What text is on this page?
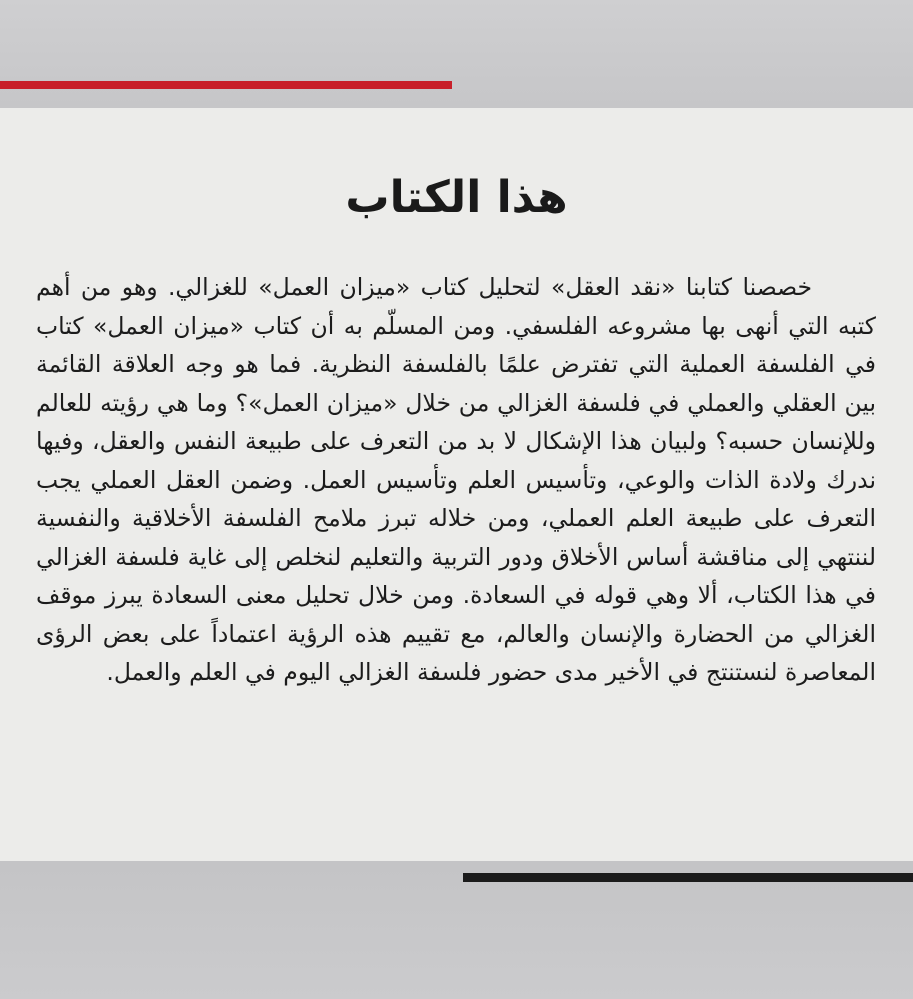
هذا الكتاب

خصصنا كتابنا «نقد العقل» لتحليل كتاب «ميزان العمل» للغزالي. وهو من أهم كتبه التي أنهى بها مشروعه الفلسفي. ومن المسلّم به أن كتاب «ميزان العمل» كتاب في الفلسفة العملية التي تفترض علمًا بالفلسفة النظرية. فما هو وجه العلاقة القائمة بين العقلي والعملي في فلسفة الغزالي من خلال «ميزان العمل»؟ وما هي رؤيته للعالم وللإنسان حسبه؟ ولبيان هذا الإشكال لا بد من التعرف على طبيعة النفس والعقل، وفيها ندرك ولادة الذات والوعي، وتأسيس العلم وتأسيس العمل. وضمن العقل العملي يجب التعرف على طبيعة العلم العملي، ومن خلاله تبرز ملامح الفلسفة الأخلاقية والنفسية لننتهي إلى مناقشة أساس الأخلاق ودور التربية والتعليم لنخلص إلى غاية فلسفة الغزالي في هذا الكتاب، ألا وهي قوله في السعادة. ومن خلال تحليل معنى السعادة يبرز موقف الغزالي من الحضارة والإنسان والعالم، مع تقييم هذه الرؤية اعتماداً على بعض الرؤى المعاصرة لنستنتج في الأخير مدى حضور فلسفة الغزالي اليوم في العلم والعمل.
